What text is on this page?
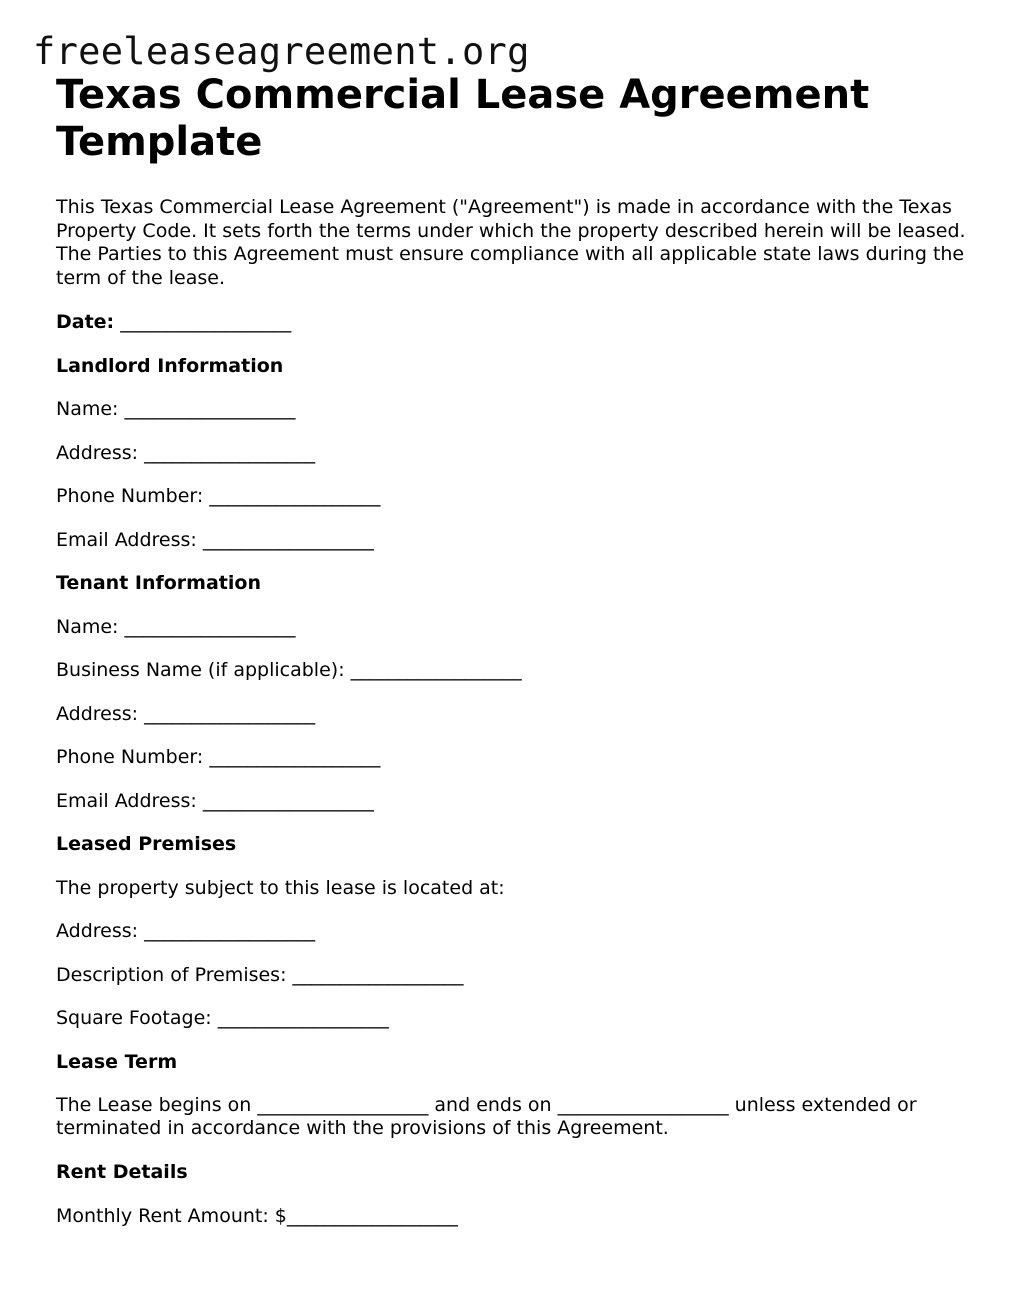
freeleaseagreement.org
Texas Commercial Lease Agreement Template

This Texas Commercial Lease Agreement ("Agreement") is made in accordance with the Texas Property Code. It sets forth the terms under which the property described herein will be leased. The Parties to this Agreement must ensure compliance with all applicable state laws during the term of the lease.

Date: __________________

Landlord Information

Name: __________________

Address: __________________

Phone Number: __________________

Email Address: __________________

Tenant Information

Name: __________________

Business Name (if applicable): __________________

Address: __________________

Phone Number: __________________

Email Address: __________________

Leased Premises

The property subject to this lease is located at:

Address: __________________

Description of Premises: __________________

Square Footage: __________________

Lease Term

The Lease begins on __________________ and ends on __________________ unless extended or terminated in accordance with the provisions of this Agreement.

Rent Details

Monthly Rent Amount: $__________________
